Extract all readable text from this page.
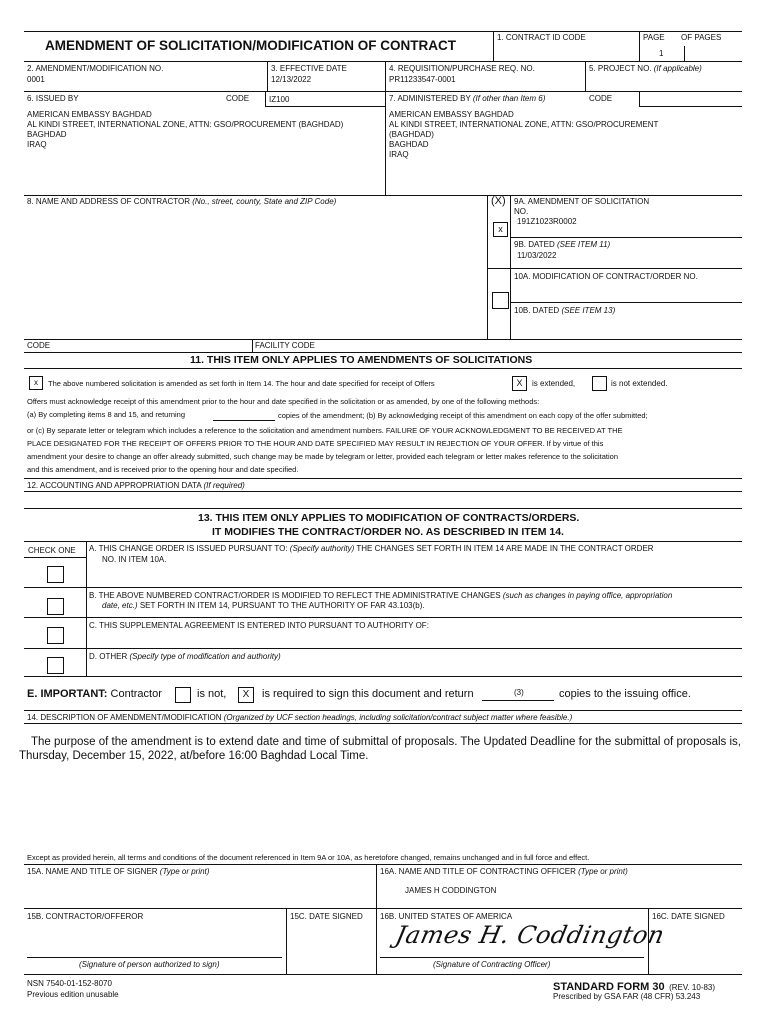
AMENDMENT OF SOLICITATION/MODIFICATION OF CONTRACT
1. CONTRACT ID CODE	PAGE OF PAGES
1
2. AMENDMENT/MODIFICATION NO.
0001
3. EFFECTIVE DATE
12/13/2022
4. REQUISITION/PURCHASE REQ. NO.
PR11233547-0001
5. PROJECT NO. (If applicable)
6. ISSUED BY	CODE IZ100
AMERICAN EMBASSY BAGHDAD
AL KINDI STREET, INTERNATIONAL ZONE, ATTN: GSO/PROCUREMENT (BAGHDAD)
BAGHDAD
IRAQ
7. ADMINISTERED BY (If other than Item 6)	CODE
AMERICAN EMBASSY BAGHDAD
AL KINDI STREET, INTERNATIONAL ZONE, ATTN: GSO/PROCUREMENT
(BAGHDAD)
BAGHDAD
IRAQ
8. NAME AND ADDRESS OF CONTRACTOR (No., street, county, State and ZIP Code)	(X)
x
9A. AMENDMENT OF SOLICITATION
NO.
191Z1023R0002
9B. DATED (SEE ITEM 11)
11/03/2022
10A. MODIFICATION OF CONTRACT/ORDER NO.
10B. DATED (SEE ITEM 13)
CODE	FACILITY CODE
11. THIS ITEM ONLY APPLIES TO AMENDMENTS OF SOLICITATIONS
x	The above numbered solicitation is amended as set forth in Item 14. The hour and date specified for receipt of Offers	X	is extended,	is not extended.
Offers must acknowledge receipt of this amendment prior to the hour and date specified in the solicitation or as amended, by one of the following methods:
(a) By completing items 8 and 15, and returning	copies of the amendment; (b) By acknowledging receipt of this amendment on each copy of the offer submitted;
or (c) By separate letter or telegram which includes a reference to the solicitation and amendment numbers. FAILURE OF YOUR ACKNOWLEDGMENT TO BE RECEIVED AT THE
PLACE DESIGNATED FOR THE RECEIPT OF OFFERS PRIOR TO THE HOUR AND DATE SPECIFIED MAY RESULT IN REJECTION OF YOUR OFFER. If by virtue of this
amendment your desire to change an offer already submitted, such change may be made by telegram or letter, provided each telegram or letter makes reference to the solicitation
and this amendment, and is received prior to the opening hour and date specified.
12. ACCOUNTING AND APPROPRIATION DATA (If required)
13. THIS ITEM ONLY APPLIES TO MODIFICATION OF CONTRACTS/ORDERS.
IT MODIFIES THE CONTRACT/ORDER NO. AS DESCRIBED IN ITEM 14.
CHECK ONE A. THIS CHANGE ORDER IS ISSUED PURSUANT TO: (Specify authority) THE CHANGES SET FORTH IN ITEM 14 ARE MADE IN THE CONTRACT ORDER
NO. IN ITEM 10A.
B. THE ABOVE NUMBERED CONTRACT/ORDER IS MODIFIED TO REFLECT THE ADMINISTRATIVE CHANGES (such as changes in paying office, appropriation
date, etc.) SET FORTH IN ITEM 14, PURSUANT TO THE AUTHORITY OF FAR 43.103(b).
C. THIS SUPPLEMENTAL AGREEMENT IS ENTERED INTO PURSUANT TO AUTHORITY OF:
D. OTHER (Specify type of modification and authority)
E. IMPORTANT: Contractor	is not,	X	is required to sign this document and return	(3)	copies to the issuing office.
14. DESCRIPTION OF AMENDMENT/MODIFICATION (Organized by UCF section headings, including solicitation/contract subject matter where feasible.)
The purpose of the amendment is to extend date and time of submittal of proposals. The Updated Deadline for the submittal of proposals is,
Thursday, December 15, 2022, at/before 16:00 Baghdad Local Time.
Except as provided herein, all terms and conditions of the document referenced in Item 9A or 10A, as heretofore changed, remains unchanged and in full force and effect.
15A. NAME AND TITLE OF SIGNER (Type or print)	16A. NAME AND TITLE OF CONTRACTING OFFICER (Type or print)
JAMES H CODDINGTON
15B. CONTRACTOR/OFFEROR	15C. DATE SIGNED 16B. UNITED STATES OF AMERICA	16C. DATE SIGNED
James H. Coddington
(Signature of person authorized to sign)	(Signature of Contracting Officer)
NSN 7540-01-152-8070
Previous edition unusable
STANDARD FORM 30 (REV. 10-83)
Prescribed by GSA FAR (48 CFR) 53.243
